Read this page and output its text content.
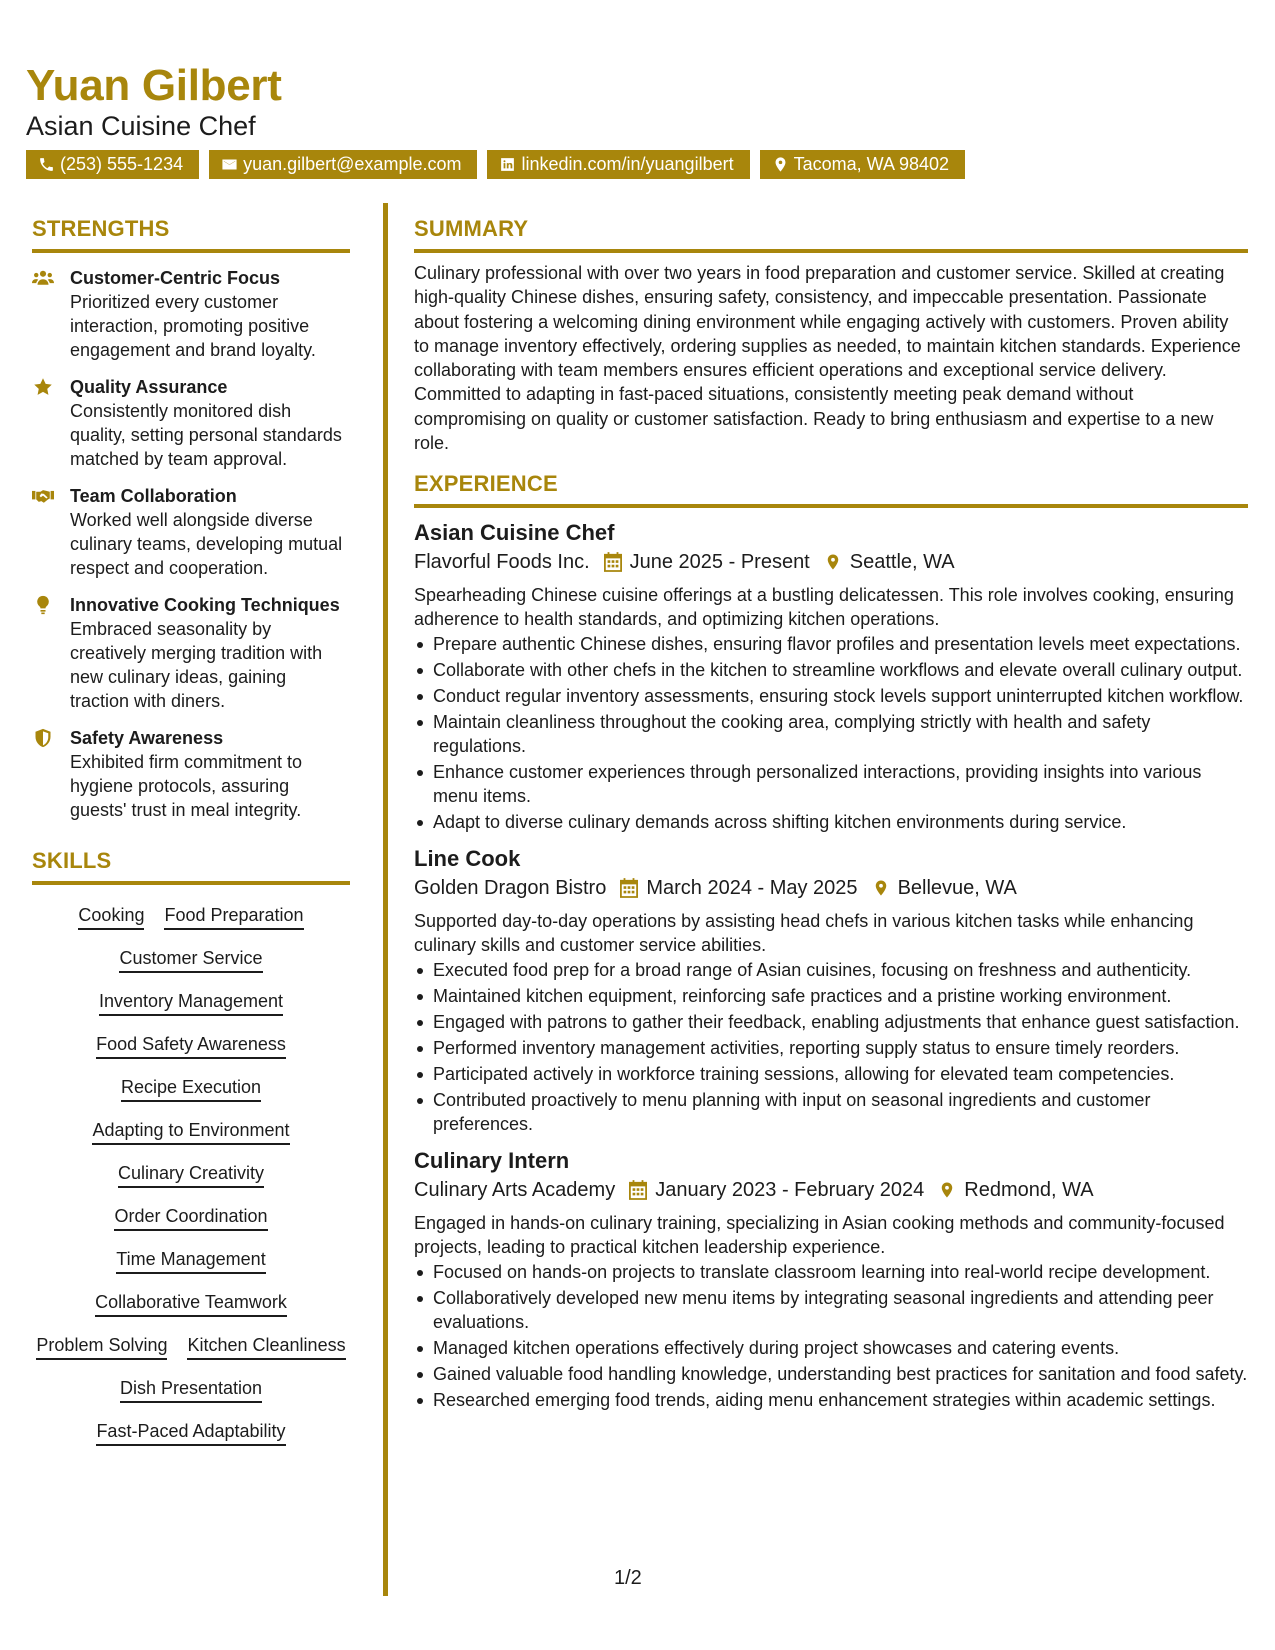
Yuan Gilbert
Asian Cuisine Chef
(253) 555-1234	yuan.gilbert@example.com	linkedin.com/in/yuangilbert	Tacoma, WA 98402
STRENGTHS
Customer-Centric Focus
Prioritized every customer interaction, promoting positive engagement and brand loyalty.
Quality Assurance
Consistently monitored dish quality, setting personal standards matched by team approval.
Team Collaboration
Worked well alongside diverse culinary teams, developing mutual respect and cooperation.
Innovative Cooking Techniques
Embraced seasonality by creatively merging tradition with new culinary ideas, gaining traction with diners.
Safety Awareness
Exhibited firm commitment to hygiene protocols, assuring guests' trust in meal integrity.
SKILLS
Cooking Food Preparation
Customer Service
Inventory Management
Food Safety Awareness
Recipe Execution
Adapting to Environment
Culinary Creativity
Order Coordination
Time Management
Collaborative Teamwork
Problem Solving Kitchen Cleanliness
Dish Presentation
Fast-Paced Adaptability
SUMMARY
Culinary professional with over two years in food preparation and customer service. Skilled at creating high-quality Chinese dishes, ensuring safety, consistency, and impeccable presentation. Passionate about fostering a welcoming dining environment while engaging actively with customers. Proven ability to manage inventory effectively, ordering supplies as needed, to maintain kitchen standards. Experience collaborating with team members ensures efficient operations and exceptional service delivery. Committed to adapting in fast-paced situations, consistently meeting peak demand without compromising on quality or customer satisfaction. Ready to bring enthusiasm and expertise to a new role.
EXPERIENCE
Asian Cuisine Chef
Flavorful Foods Inc. June 2025 - Present Seattle, WA
Spearheading Chinese cuisine offerings at a bustling delicatessen. This role involves cooking, ensuring adherence to health standards, and optimizing kitchen operations.
Prepare authentic Chinese dishes, ensuring flavor profiles and presentation levels meet expectations.
Collaborate with other chefs in the kitchen to streamline workflows and elevate overall culinary output.
Conduct regular inventory assessments, ensuring stock levels support uninterrupted kitchen workflow.
Maintain cleanliness throughout the cooking area, complying strictly with health and safety regulations.
Enhance customer experiences through personalized interactions, providing insights into various menu items.
Adapt to diverse culinary demands across shifting kitchen environments during service.
Line Cook
Golden Dragon Bistro March 2024 - May 2025 Bellevue, WA
Supported day-to-day operations by assisting head chefs in various kitchen tasks while enhancing culinary skills and customer service abilities.
Executed food prep for a broad range of Asian cuisines, focusing on freshness and authenticity.
Maintained kitchen equipment, reinforcing safe practices and a pristine working environment.
Engaged with patrons to gather their feedback, enabling adjustments that enhance guest satisfaction.
Performed inventory management activities, reporting supply status to ensure timely reorders.
Participated actively in workforce training sessions, allowing for elevated team competencies.
Contributed proactively to menu planning with input on seasonal ingredients and customer preferences.
Culinary Intern
Culinary Arts Academy January 2023 - February 2024 Redmond, WA
Engaged in hands-on culinary training, specializing in Asian cooking methods and community-focused projects, leading to practical kitchen leadership experience.
Focused on hands-on projects to translate classroom learning into real-world recipe development.
Collaboratively developed new menu items by integrating seasonal ingredients and attending peer evaluations.
Managed kitchen operations effectively during project showcases and catering events.
Gained valuable food handling knowledge, understanding best practices for sanitation and food safety.
Researched emerging food trends, aiding menu enhancement strategies within academic settings.
1/2
